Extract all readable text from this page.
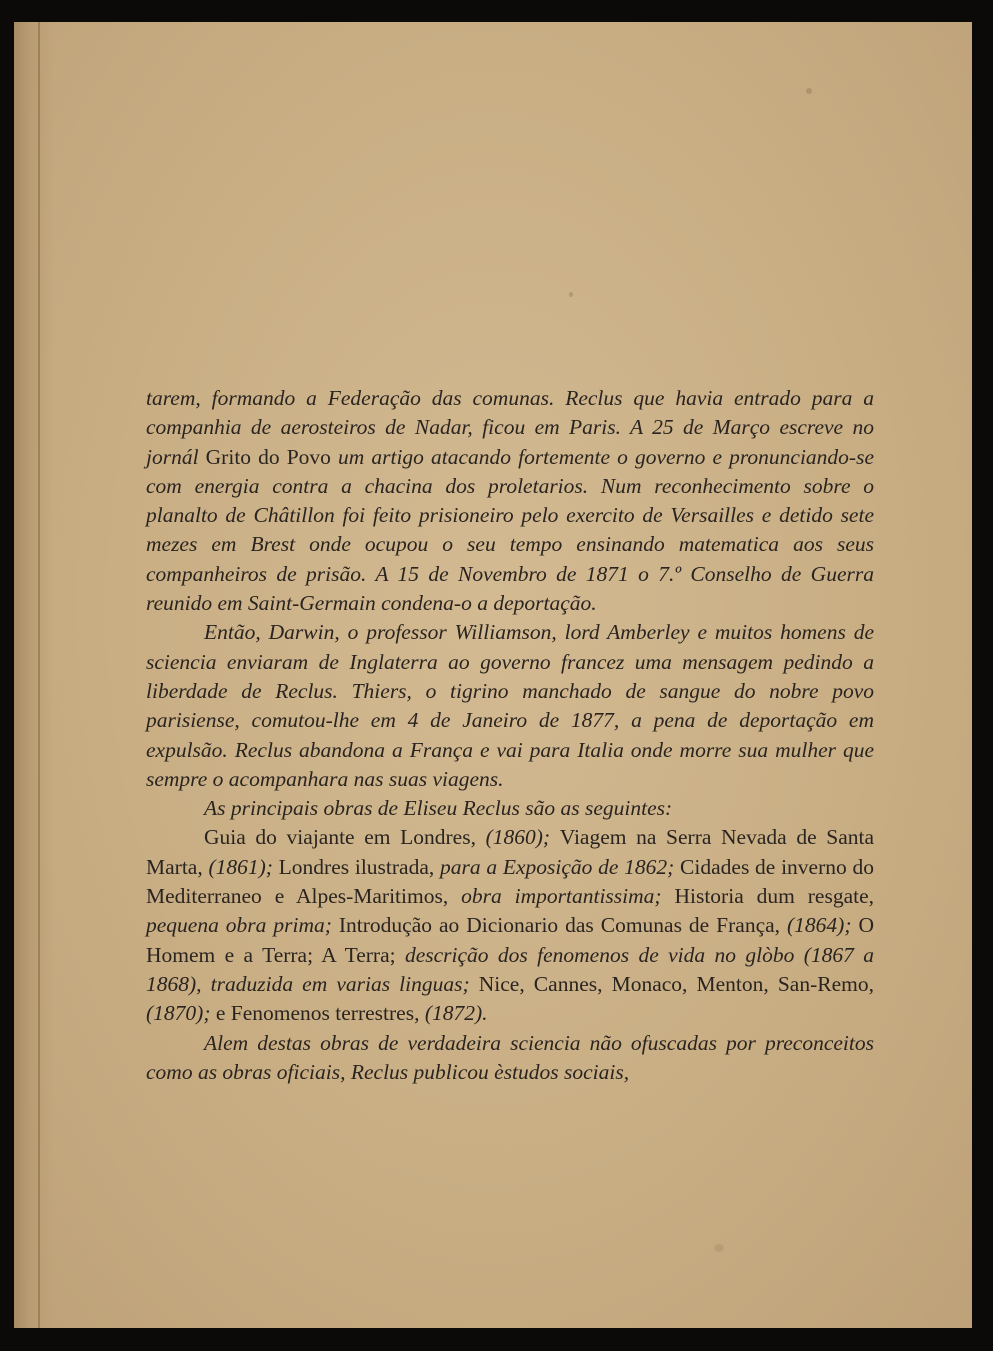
tarem, formando a Federação das comunas. Reclus que havia entrado para a companhia de aerosteiros de Nadar, ficou em Paris. A 25 de Março escreve no jornál Grito do Povo um artigo atacando fortemente o governo e pronunciando-se com energia contra a chacina dos proletarios. Num reconhecimento sobre o planalto de Châtillon foi feito prisioneiro pelo exercito de Versailles e detido sete mezes em Brest onde ocupou o seu tempo ensinando matematica aos seus companheiros de prisão. A 15 de Novembro de 1871 o 7.º Conselho de Guerra reunido em Saint-Germain condena-o a deportação.

Então, Darwin, o professor Williamson, lord Amberley e muitos homens de sciencia enviaram de Inglaterra ao governo francez uma mensagem pedindo a liberdade de Reclus. Thiers, o tigrino manchado de sangue do nobre povo parisiense, comutou-lhe em 4 de Janeiro de 1877, a pena de deportação em expulsão. Reclus abandona a França e vai para Italia onde morre sua mulher que sempre o acompanhara nas suas viagens.

As principais obras de Eliseu Reclus são as seguintes:

Guia do viajante em Londres, (1860); Viagem na Serra Nevada de Santa Marta, (1861); Londres ilustrada, para a Exposição de 1862; Cidades de inverno do Mediterraneo e Alpes-Maritimos, obra importantissima; Historia dum resgate, pequena obra prima; Introdução ao Dicionario das Comunas de França, (1864); O Homem e a Terra; A Terra; descrição dos fenomenos de vida no glòbo (1867 a 1868), traduzida em varias linguas; Nice, Cannes, Monaco, Menton, San-Remo, (1870); e Fenomenos terrestres, (1872).

Alem destas obras de verdadeira sciencia não ofuscadas por preconceitos como as obras oficiais, Reclus publicou èstudos sociais,
